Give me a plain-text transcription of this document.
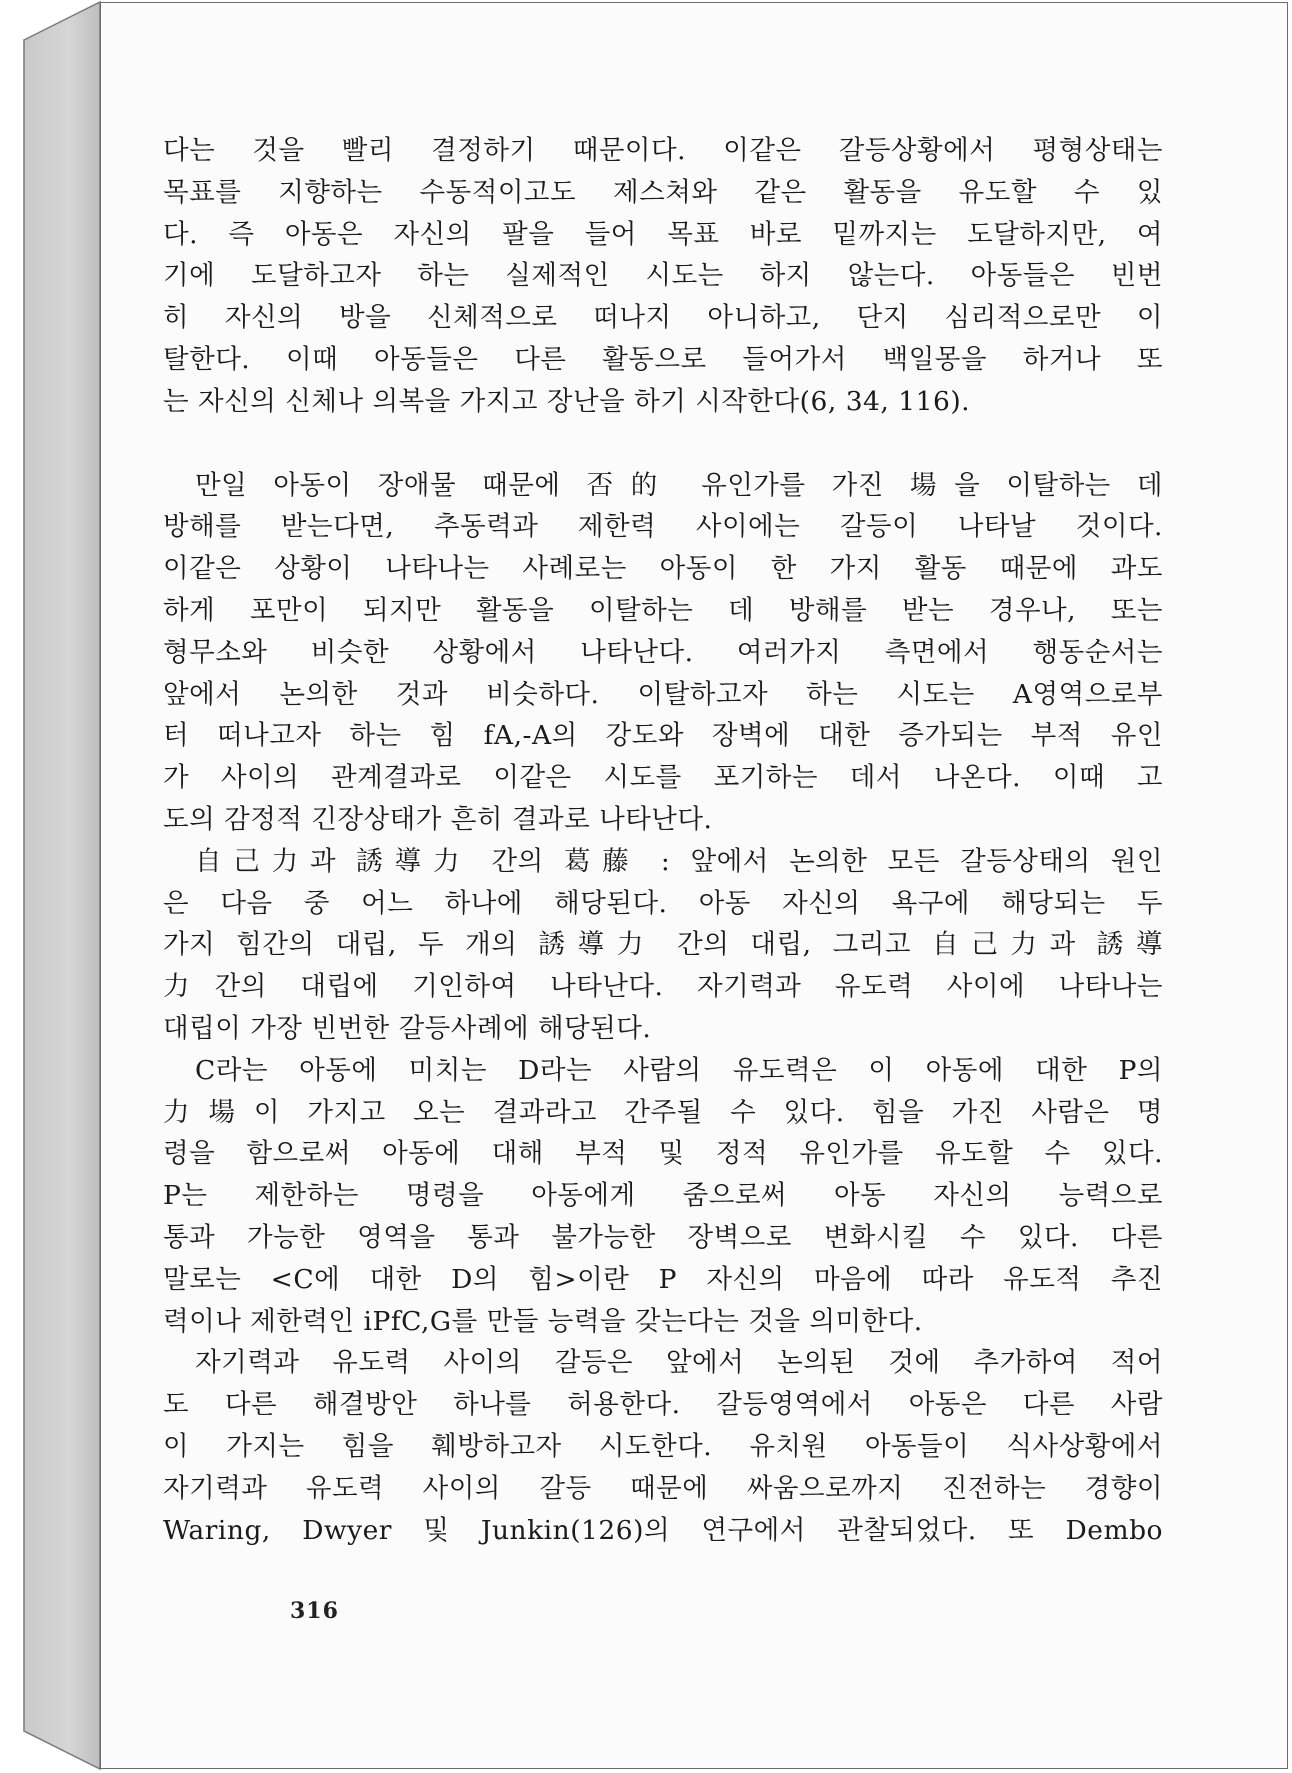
다는 것을 빨리 결정하기 때문이다. 이같은 갈등상황에서 평형상태는
목표를 지향하는 수동적이고도 제스쳐와 같은 활동을 유도할 수 있
다. 즉 아동은 자신의 팔을 들어 목표 바로 밑까지는 도달하지만, 여
기에 도달하고자 하는 실제적인 시도는 하지 않는다. 아동들은 빈번
히 자신의 방을 신체적으로 떠나지 아니하고, 단지 심리적으로만 이
탈한다. 이때 아동들은 다른 활동으로 들어가서 백일몽을 하거나 또
는 자신의 신체나 의복을 가지고 장난을 하기 시작한다(6, 34, 116).
만일 아동이 장애물 때문에 否的 유인가를 가진 場을 이탈하는 데
방해를 받는다면, 추동력과 제한력 사이에는 갈등이 나타날 것이다.
이같은 상황이 나타나는 사례로는 아동이 한 가지 활동 때문에 과도
하게 포만이 되지만 활동을 이탈하는 데 방해를 받는 경우나, 또는
형무소와 비슷한 상황에서 나타난다. 여러가지 측면에서 행동순서는
앞에서 논의한 것과 비슷하다. 이탈하고자 하는 시도는 A영역으로부
터 떠나고자 하는 힘 fA,-A의 강도와 장벽에 대한 증가되는 부적 유인
가 사이의 관계결과로 이같은 시도를 포기하는 데서 나온다. 이때 고
도의 감정적 긴장상태가 흔히 결과로 나타난다.
自己力과 誘導力 간의 葛藤 : 앞에서 논의한 모든 갈등상태의 원인
은 다음 중 어느 하나에 해당된다. 아동 자신의 욕구에 해당되는 두
가지 힘간의 대립, 두 개의 誘導力 간의 대립, 그리고 自己力과 誘導
力간의 대립에 기인하여 나타난다. 자기력과 유도력 사이에 나타나는
대립이 가장 빈번한 갈등사례에 해당된다.
C라는 아동에 미치는 D라는 사람의 유도력은 이 아동에 대한 P의
力場이 가지고 오는 결과라고 간주될 수 있다. 힘을 가진 사람은 명
령을 함으로써 아동에 대해 부적 및 정적 유인가를 유도할 수 있다.
P는 제한하는 명령을 아동에게 줌으로써 아동 자신의 능력으로
통과 가능한 영역을 통과 불가능한 장벽으로 변화시킬 수 있다. 다른
말로는 <C에 대한 D의 힘>이란 P 자신의 마음에 따라 유도적 추진
력이나 제한력인 iPfC,G를 만들 능력을 갖는다는 것을 의미한다.
자기력과 유도력 사이의 갈등은 앞에서 논의된 것에 추가하여 적어
도 다른 해결방안 하나를 허용한다. 갈등영역에서 아동은 다른 사람
이 가지는 힘을 훼방하고자 시도한다. 유치원 아동들이 식사상황에서
자기력과 유도력 사이의 갈등 때문에 싸움으로까지 진전하는 경향이
Waring, Dwyer 및 Junkin(126)의 연구에서 관찰되었다. 또 Dembo
316
